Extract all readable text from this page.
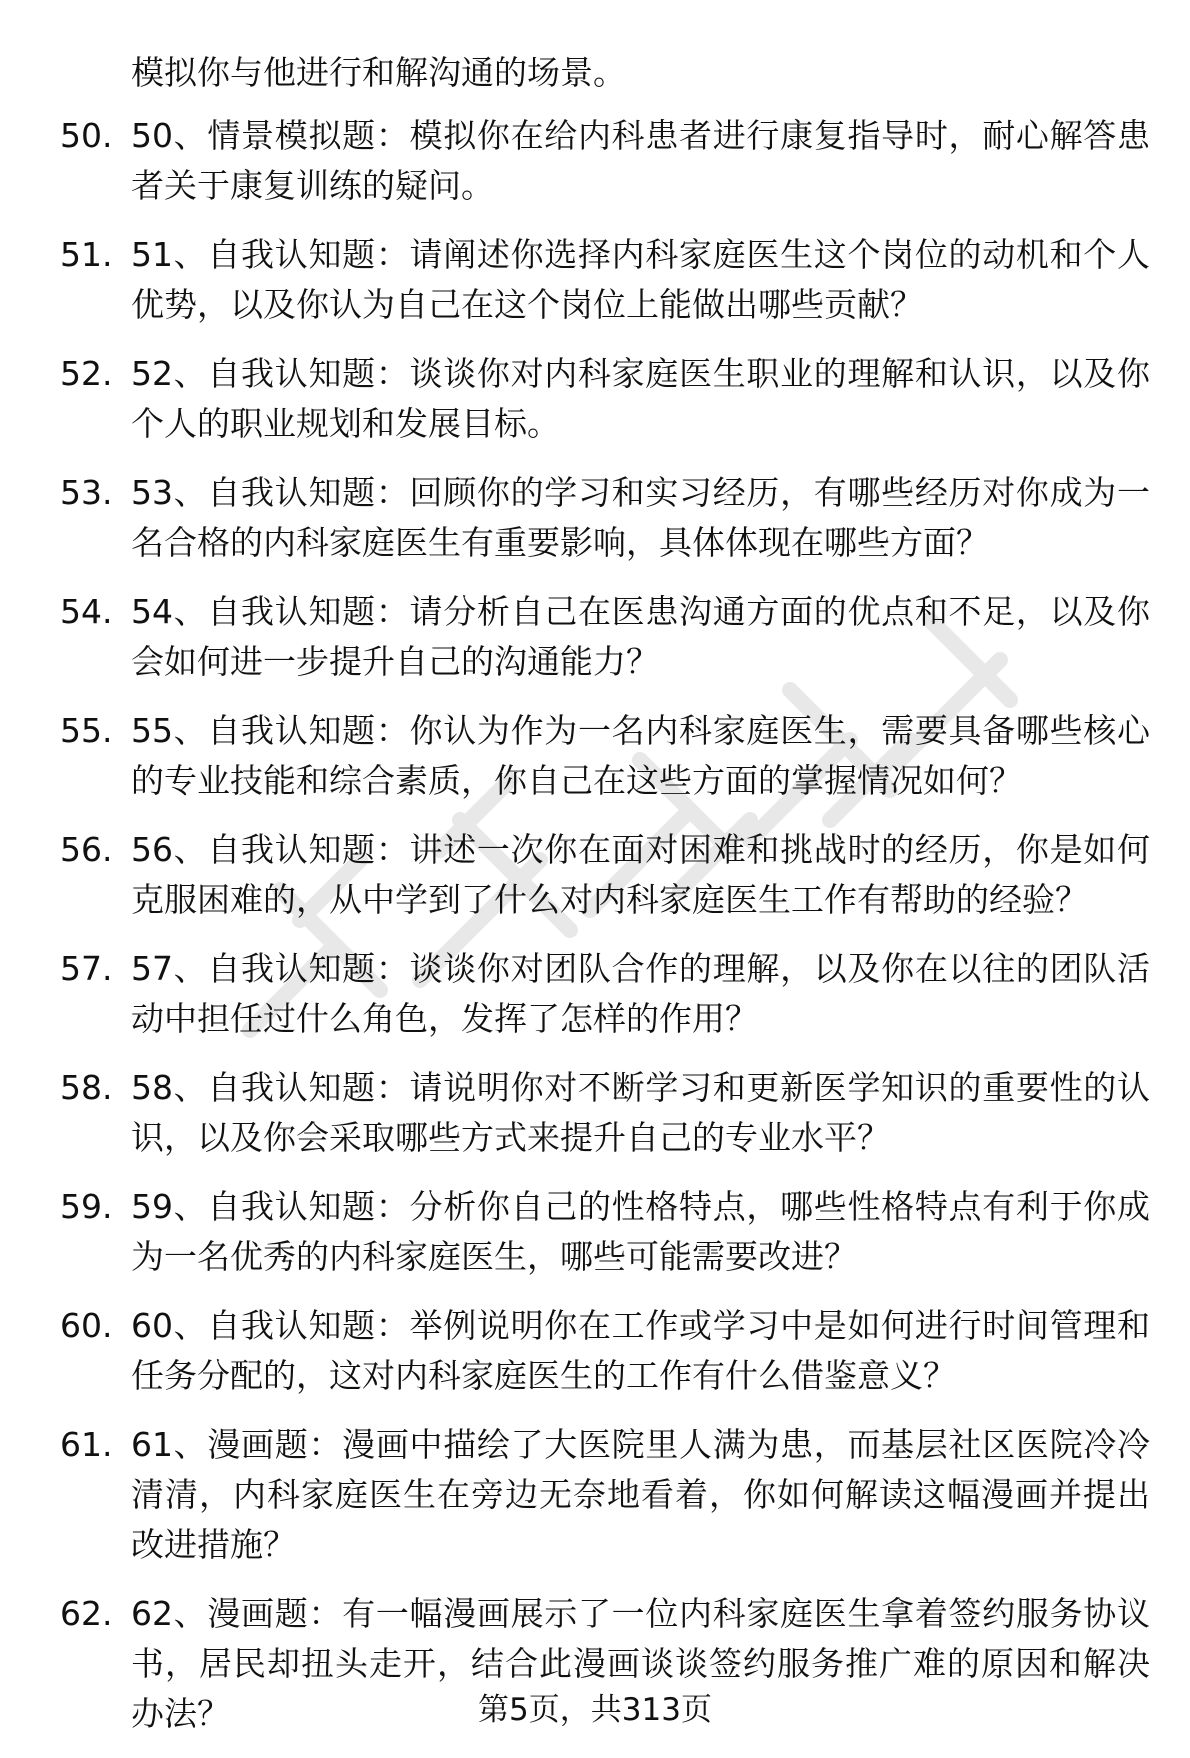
模拟你与他进行和解沟通的场景。

50. 50、情景模拟题：模拟你在给内科患者进行康复指导时，耐心解答患者关于康复训练的疑问。
51. 51、自我认知题：请阐述你选择内科家庭医生这个岗位的动机和个人优势，以及你认为自己在这个岗位上能做出哪些贡献？
52. 52、自我认知题：谈谈你对内科家庭医生职业的理解和认识，以及你个人的职业规划和发展目标。
53. 53、自我认知题：回顾你的学习和实习经历，有哪些经历对你成为一名合格的内科家庭医生有重要影响，具体体现在哪些方面？
54. 54、自我认知题：请分析自己在医患沟通方面的优点和不足，以及你会如何进一步提升自己的沟通能力？
55. 55、自我认知题：你认为作为一名内科家庭医生，需要具备哪些核心的专业技能和综合素质，你自己在这些方面的掌握情况如何？
56. 56、自我认知题：讲述一次你在面对困难和挑战时的经历，你是如何克服困难的，从中学到了什么对内科家庭医生工作有帮助的经验？
57. 57、自我认知题：谈谈你对团队合作的理解，以及你在以往的团队活动中担任过什么角色，发挥了怎样的作用？
58. 58、自我认知题：请说明你对不断学习和更新医学知识的重要性的认识，以及你会采取哪些方式来提升自己的专业水平？
59. 59、自我认知题：分析你自己的性格特点，哪些性格特点有利于你成为一名优秀的内科家庭医生，哪些可能需要改进？
60. 60、自我认知题：举例说明你在工作或学习中是如何进行时间管理和任务分配的，这对内科家庭医生的工作有什么借鉴意义？
61. 61、漫画题：漫画中描绘了大医院里人满为患，而基层社区医院冷冷清清，内科家庭医生在旁边无奈地看着，你如何解读这幅漫画并提出改进措施？
62. 62、漫画题：有一幅漫画展示了一位内科家庭医生拿着签约服务协议书，居民却扭头走开，结合此漫画谈谈签约服务推广难的原因和解决办法？	第5页，共313页
